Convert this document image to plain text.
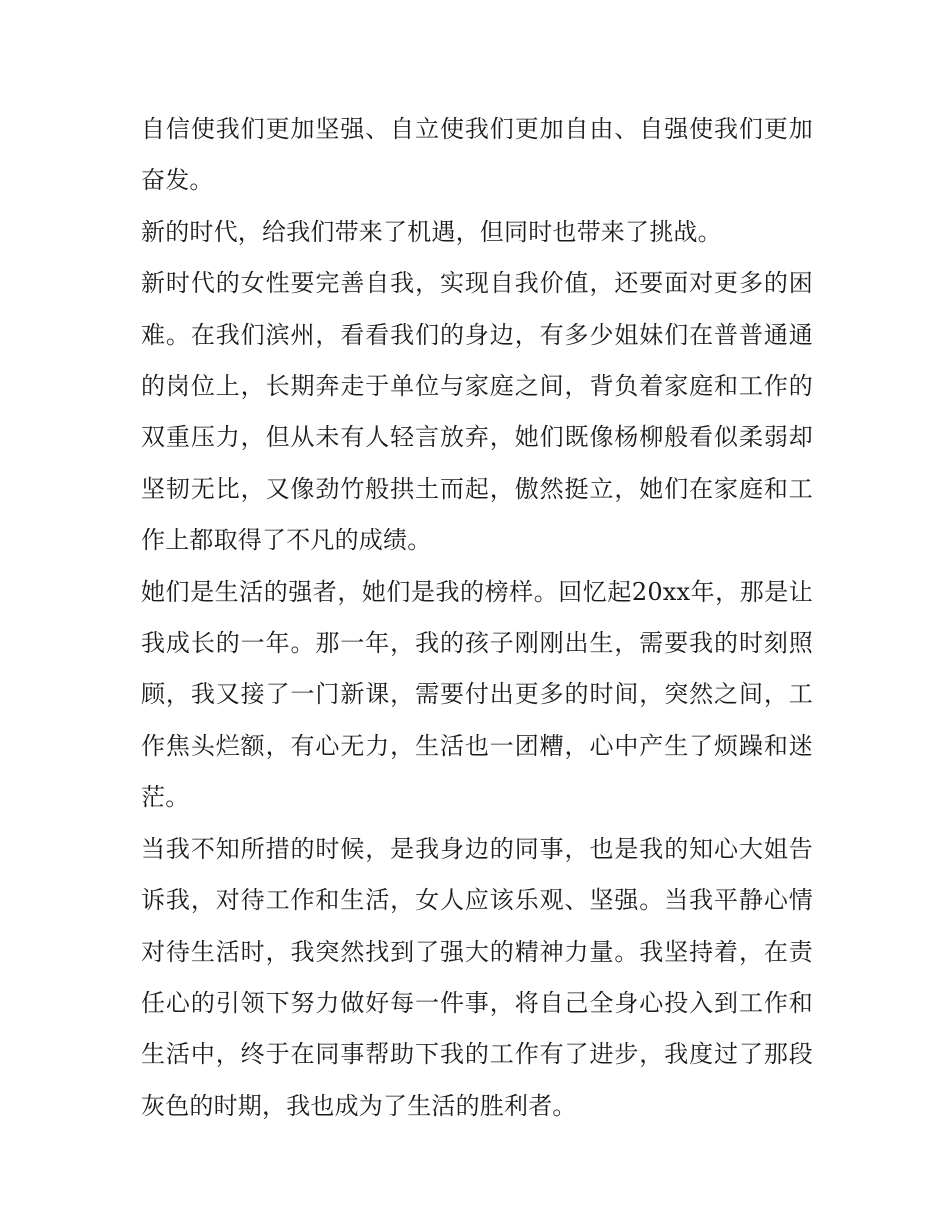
自信使我们更加坚强、自立使我们更加自由、自强使我们更加奋发。

新的时代，给我们带来了机遇，但同时也带来了挑战。

新时代的女性要完善自我，实现自我价值，还要面对更多的困难。在我们滨州，看看我们的身边，有多少姐妹们在普普通通的岗位上，长期奔走于单位与家庭之间，背负着家庭和工作的双重压力，但从未有人轻言放弃，她们既像杨柳般看似柔弱却坚韧无比，又像劲竹般拱土而起，傲然挺立，她们在家庭和工作上都取得了不凡的成绩。

她们是生活的强者，她们是我的榜样。回忆起20xx年，那是让我成长的一年。那一年，我的孩子刚刚出生，需要我的时刻照顾，我又接了一门新课，需要付出更多的时间，突然之间，工作焦头烂额，有心无力，生活也一团糟，心中产生了烦躁和迷茫。

当我不知所措的时候，是我身边的同事，也是我的知心大姐告诉我，对待工作和生活，女人应该乐观、坚强。当我平静心情对待生活时，我突然找到了强大的精神力量。我坚持着，在责任心的引领下努力做好每一件事，将自己全身心投入到工作和生活中，终于在同事帮助下我的工作有了进步，我度过了那段灰色的时期，我也成为了生活的胜利者。
